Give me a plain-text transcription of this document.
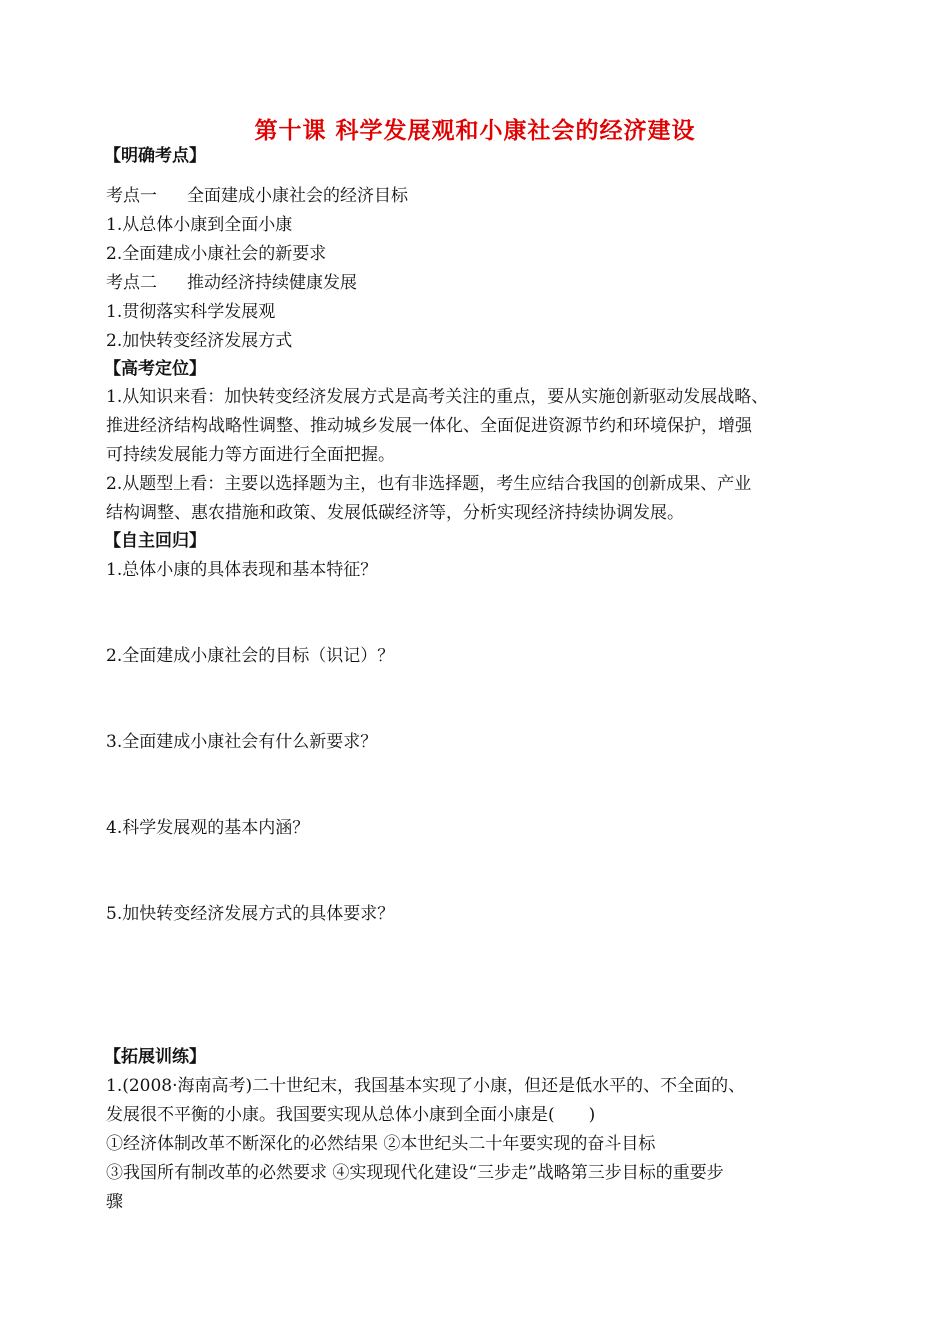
第十课 科学发展观和小康社会的经济建设
【明确考点】
考点一 全面建成小康社会的经济目标
1.从总体小康到全面小康
2.全面建成小康社会的新要求
考点二 推动经济持续健康发展
1.贯彻落实科学发展观
2.加快转变经济发展方式
【高考定位】
1.从知识来看：加快转变经济发展方式是高考关注的重点，要从实施创新驱动发展战略、
推进经济结构战略性调整、推动城乡发展一体化、全面促进资源节约和环境保护，增强
可持续发展能力等方面进行全面把握。
2.从题型上看：主要以选择题为主，也有非选择题，考生应结合我国的创新成果、产业
结构调整、惠农措施和政策、发展低碳经济等，分析实现经济持续协调发展。
【自主回归】
1.总体小康的具体表现和基本特征？
2.全面建成小康社会的目标（识记）？
3.全面建成小康社会有什么新要求？
4.科学发展观的基本内涵？
5.加快转变经济发展方式的具体要求？
【拓展训练】
1.(2008·海南高考)二十世纪末，我国基本实现了小康，但还是低水平的、不全面的、
发展很不平衡的小康。我国要实现从总体小康到全面小康是(　　)
①经济体制改革不断深化的必然结果 ②本世纪头二十年要实现的奋斗目标
③我国所有制改革的必然要求 ④实现现代化建设“三步走”战略第三步目标的重要步
骤
